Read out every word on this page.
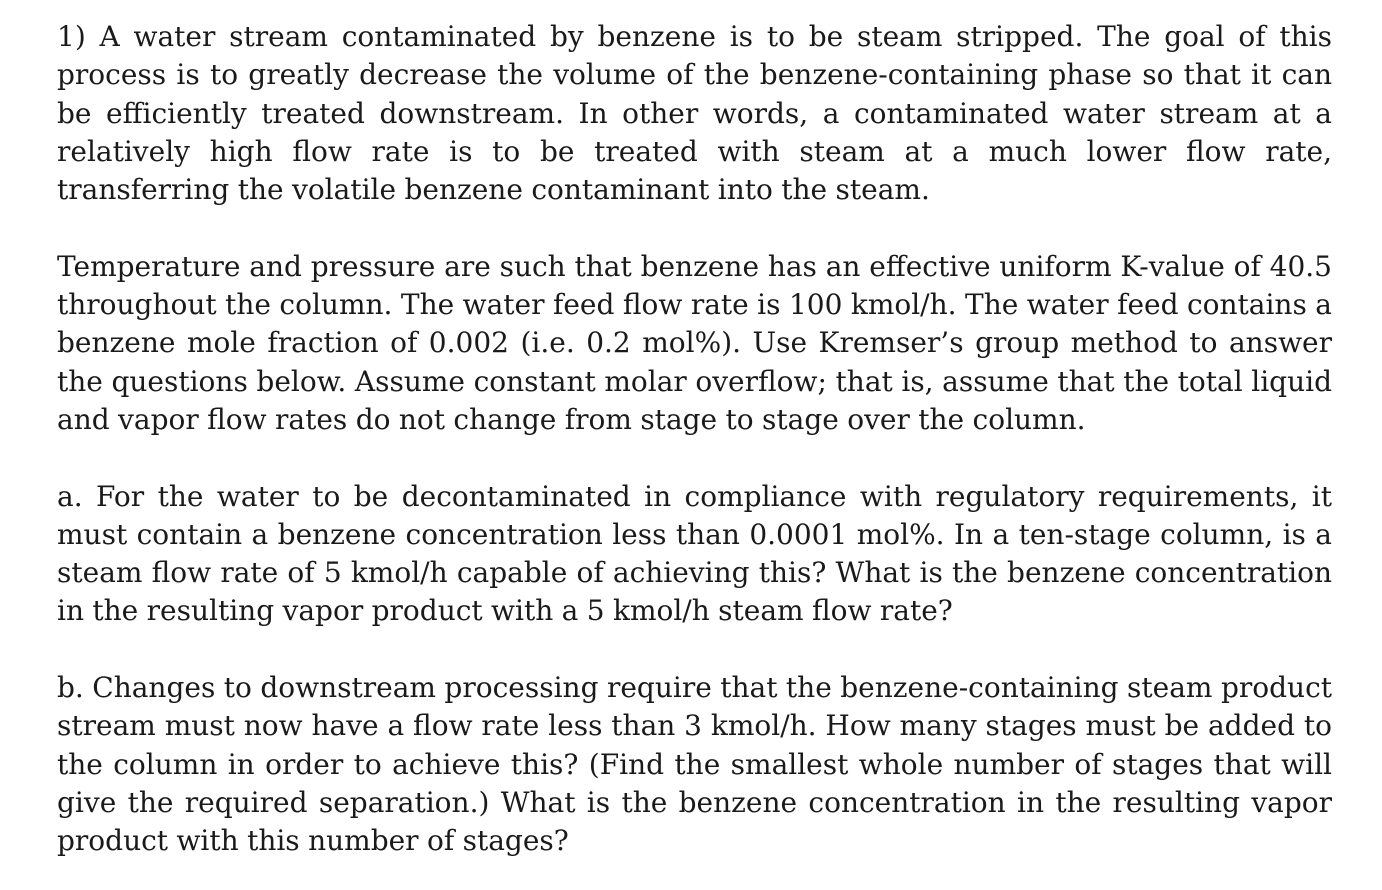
1) A water stream contaminated by benzene is to be steam stripped. The goal of this process is to greatly decrease the volume of the benzene-containing phase so that it can be efficiently treated downstream. In other words, a contaminated water stream at a relatively high flow rate is to be treated with steam at a much lower flow rate, transferring the volatile benzene contaminant into the steam.

Temperature and pressure are such that benzene has an effective uniform K-value of 40.5 throughout the column. The water feed flow rate is 100 kmol/h. The water feed contains a benzene mole fraction of 0.002 (i.e. 0.2 mol%). Use Kremser’s group method to answer the questions below. Assume constant molar overflow; that is, assume that the total liquid and vapor flow rates do not change from stage to stage over the column.

a. For the water to be decontaminated in compliance with regulatory requirements, it must contain a benzene concentration less than 0.0001 mol%. In a ten-stage column, is a steam flow rate of 5 kmol/h capable of achieving this? What is the benzene concentration in the resulting vapor product with a 5 kmol/h steam flow rate?

b. Changes to downstream processing require that the benzene-containing steam product stream must now have a flow rate less than 3 kmol/h. How many stages must be added to the column in order to achieve this? (Find the smallest whole number of stages that will give the required separation.) What is the benzene concentration in the resulting vapor product with this number of stages?
